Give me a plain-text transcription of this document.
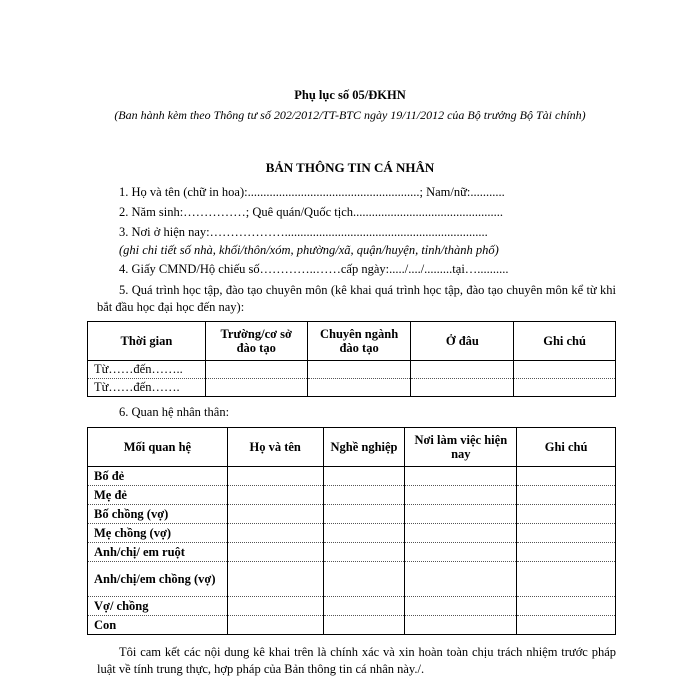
Phụ lục số 05/ĐKHN
(Ban hành kèm theo Thông tư số 202/2012/TT-BTC ngày 19/11/2012 của Bộ trưởng Bộ Tài chính)
BẢN THÔNG TIN CÁ NHÂN
1. Họ và tên (chữ in hoa):.......................................................; Nam/nữ:...........
2. Năm sinh:……………; Quê quán/Quốc tịch................................................
3. Nơi ở hiện nay:……………….................................................................
(ghi chi tiết số nhà, khối/thôn/xóm, phường/xã, quận/huyện, tỉnh/thành phố)
4. Giấy CMND/Hộ chiếu số…………..……cấp ngày:...../..../.........tại…..........
5. Quá trình học tập, đào tạo chuyên môn (kê khai quá trình học tập, đào tạo chuyên môn kể từ khi bắt đầu học đại học đến nay):
Thời gian	Trường/cơ sở đào tạo	Chuyên ngành đào tạo	Ở đâu	Ghi chú
Từ……đến……..				
Từ……đến…….				
6. Quan hệ nhân thân:
Mối quan hệ	Họ và tên	Nghề nghiệp	Nơi làm việc hiện nay	Ghi chú
Bố đẻ				
Mẹ đẻ				
Bố chồng (vợ)				
Mẹ chồng (vợ)				
Anh/chị/ em ruột				
Anh/chị/em chồng (vợ)				
Vợ/ chồng				
Con				
Tôi cam kết các nội dung kê khai trên là chính xác và xin hoàn toàn chịu trách nhiệm trước pháp luật về tính trung thực, hợp pháp của Bản thông tin cá nhân này./.
